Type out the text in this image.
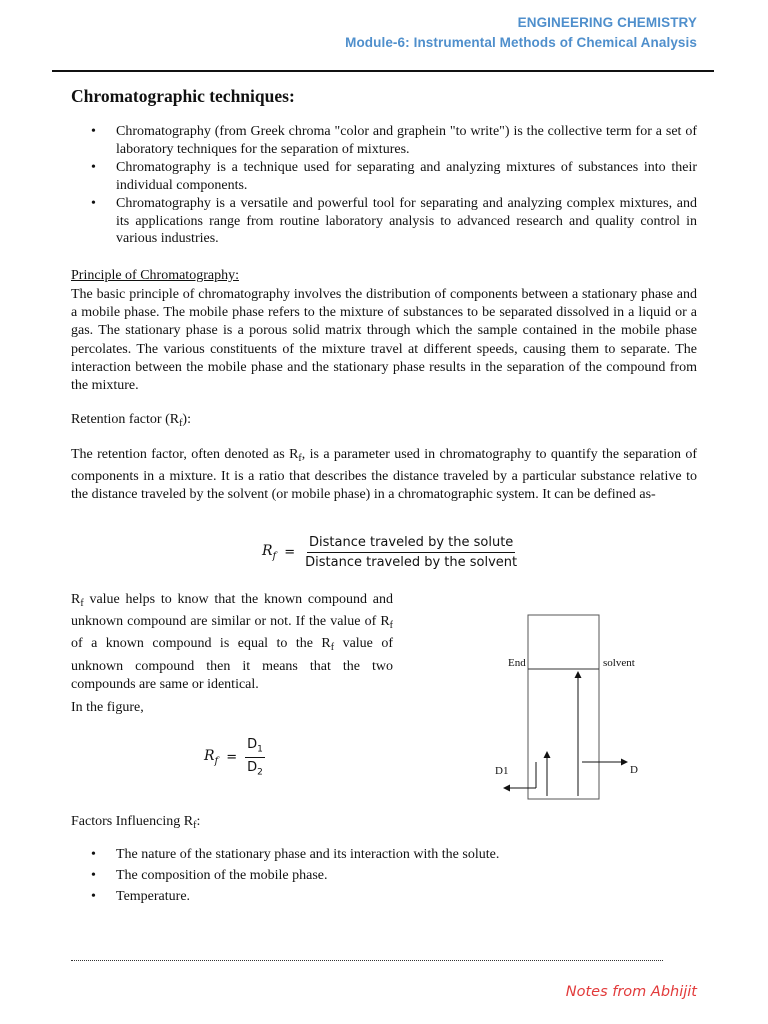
ENGINEERING CHEMISTRY
Module-6: Instrumental Methods of Chemical Analysis
Chromatographic techniques:
• Chromatography (from Greek chroma "color and graphein "to write") is the collective term for a set of laboratory techniques for the separation of mixtures.
• Chromatography is a technique used for separating and analyzing mixtures of substances into their individual components.
• Chromatography is a versatile and powerful tool for separating and analyzing complex mixtures, and its applications range from routine laboratory analysis to advanced research and quality control in various industries.
Principle of Chromatography:

The basic principle of chromatography involves the distribution of components between a stationary phase and a mobile phase. The mobile phase refers to the mixture of substances to be separated dissolved in a liquid or a gas. The stationary phase is a porous solid matrix through which the sample contained in the mobile phase percolates. The various constituents of the mixture travel at different speeds, causing them to separate. The interaction between the mobile phase and the stationary phase results in the separation of the compound from the mixture.

Retention factor $(R_f)$:

The retention factor, often denoted as $R_f$, is a parameter used in chromatography to quantify the separation of components in a mixture. It is a ratio that describes the distance traveled by a particular substance relative to the distance traveled by the solvent (or mobile phase) in a chromatographic system. It can be defined as-

$R_f = \frac{\text{Distance traveled by the solute}}{\text{Distance traveled by the solvent}}$

$R_f$ value helps to know that the known compound and unknown compound are similar or not. If the value of $R_f$ of a known compound is equal to the $R_f$ value of unknown compound then it means that the two compounds are same or identical.

In the figure,
$R_f = \frac{D_1}{D_2}$
End	solvent
D1	D
Factors Influencing $R_f$:
• The nature of the stationary phase and its interaction with the solute.
• The composition of the mobile phase.
• Temperature.
Notes from Abhijit
